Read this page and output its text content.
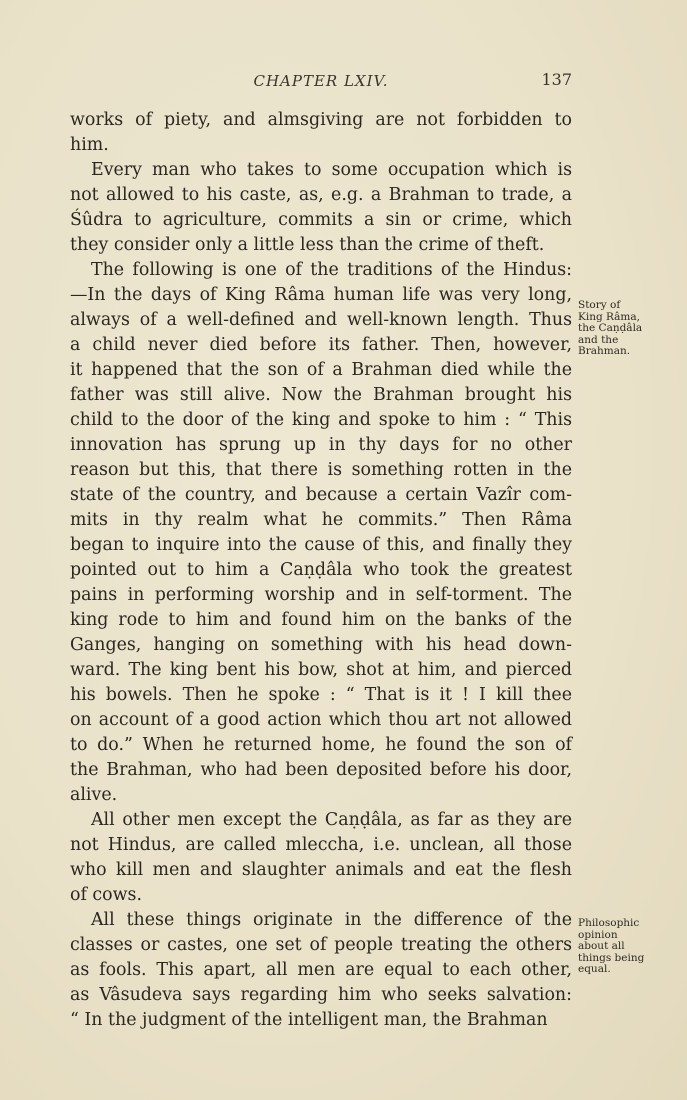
CHAPTER LXIV.	137

works of piety, and almsgiving are not forbidden to
him.

Every man who takes to some occupation which is
not allowed to his caste, as, e.g. a Brahman to trade, a
Śûdra to agriculture, commits a sin or crime, which
they consider only a little less than the crime of theft.

The following is one of the traditions of the Hindus:
—In the days of King Râma human life was very long,
always of a well-defined and well-known length. Thus
a child never died before its father. Then, however,
it happened that the son of a Brahman died while the
father was still alive. Now the Brahman brought his
child to the door of the king and spoke to him : “ This
innovation has sprung up in thy days for no other
reason but this, that there is something rotten in the
state of the country, and because a certain Vazîr com-
mits in thy realm what he commits.” Then Râma
began to inquire into the cause of this, and finally they
pointed out to him a Caṇḍâla who took the greatest
pains in performing worship and in self-torment. The
king rode to him and found him on the banks of the
Ganges, hanging on something with his head down-
ward. The king bent his bow, shot at him, and pierced
his bowels. Then he spoke : “ That is it ! I kill thee
on account of a good action which thou art not allowed
to do.” When he returned home, he found the son of
the Brahman, who had been deposited before his door,
alive.

All other men except the Caṇḍâla, as far as they are
not Hindus, are called mleccha, i.e. unclean, all those
who kill men and slaughter animals and eat the flesh
of cows.

All these things originate in the difference of the
classes or castes, one set of people treating the others
as fools. This apart, all men are equal to each other,
as Vâsudeva says regarding him who seeks salvation:
“ In the judgment of the intelligent man, the Brahman

Story of
King Râma,
the Caṇḍâla
and the
Brahman.
Philosophic
opinion
about all
things being
equal.
